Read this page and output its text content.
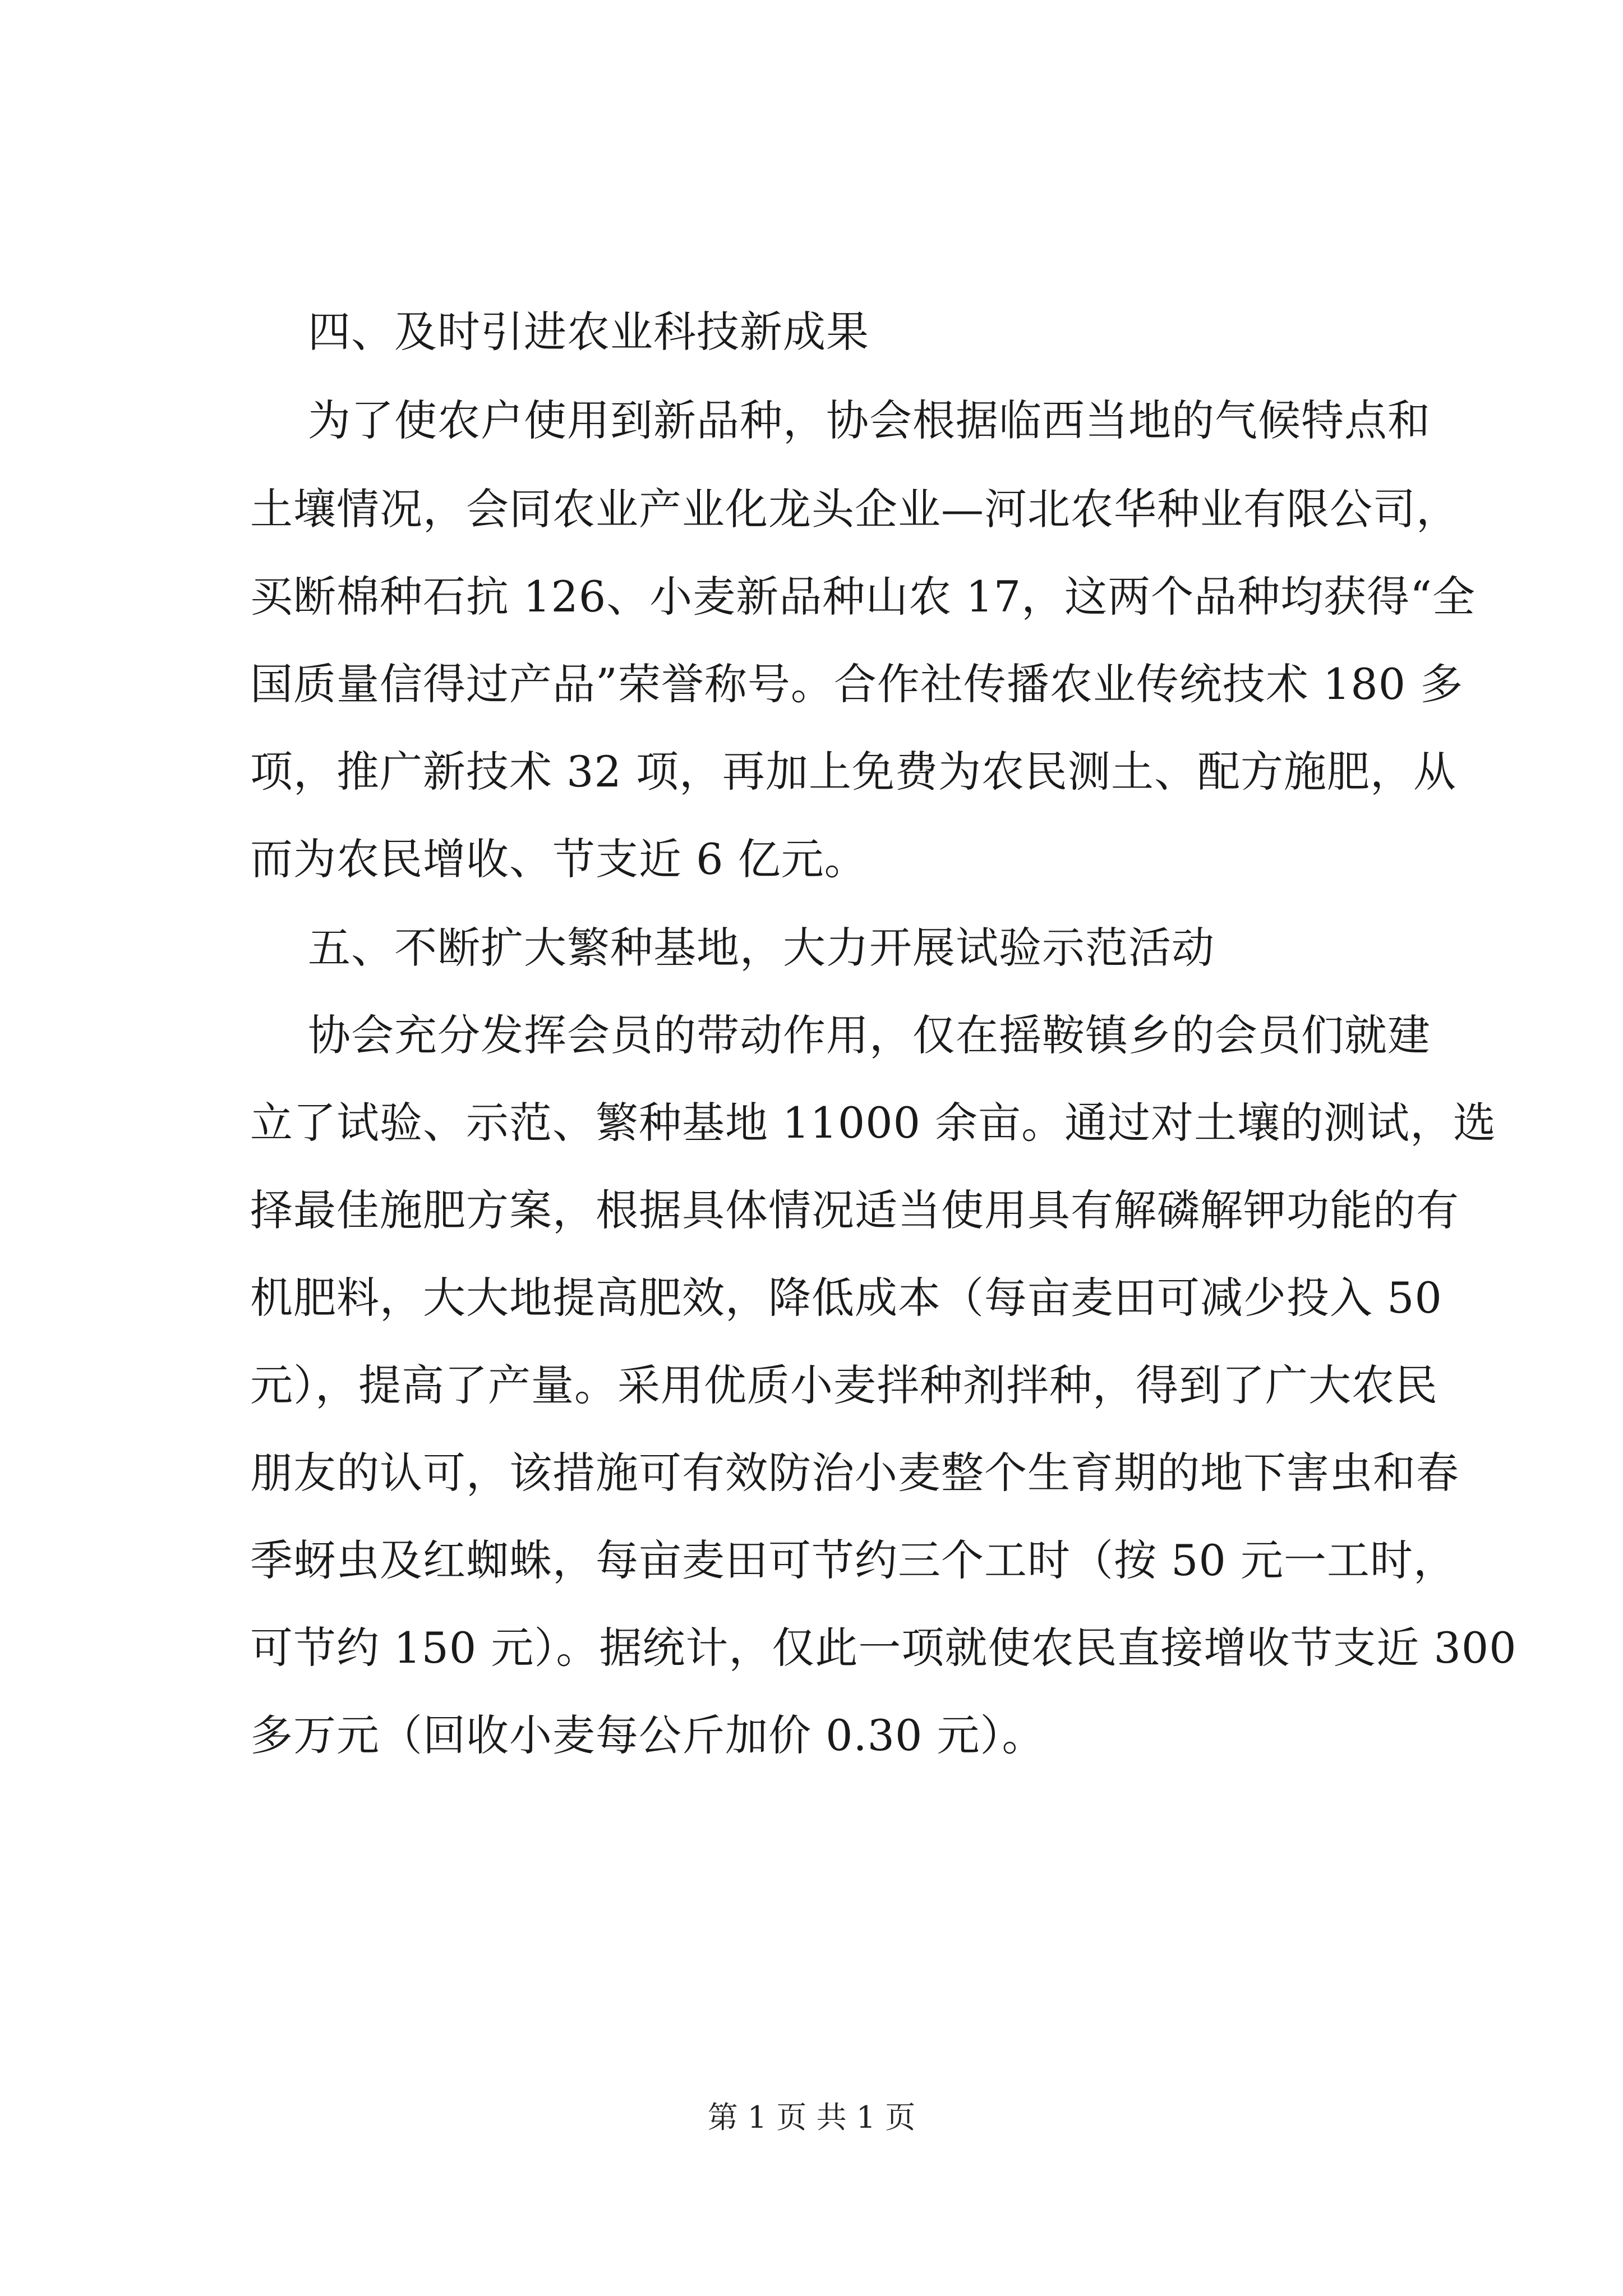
四、及时引进农业科技新成果
为了使农户使用到新品种，协会根据临西当地的气候特点和
土壤情况，会同农业产业化龙头企业—河北农华种业有限公司，
买断棉种石抗 126、小麦新品种山农 17，这两个品种均获得“全
国质量信得过产品”荣誉称号。合作社传播农业传统技术 180 多
项，推广新技术 32 项，再加上免费为农民测土、配方施肥，从
而为农民增收、节支近 6 亿元。
五、不断扩大繁种基地，大力开展试验示范活动
协会充分发挥会员的带动作用，仅在摇鞍镇乡的会员们就建
立了试验、示范、繁种基地 11000 余亩。通过对土壤的测试，选
择最佳施肥方案，根据具体情况适当使用具有解磷解钾功能的有
机肥料，大大地提高肥效，降低成本（每亩麦田可减少投入 50
元），提高了产量。采用优质小麦拌种剂拌种，得到了广大农民
朋友的认可，该措施可有效防治小麦整个生育期的地下害虫和春
季蚜虫及红蜘蛛，每亩麦田可节约三个工时（按 50 元一工时，
可节约 150 元）。据统计，仅此一项就使农民直接增收节支近 300
多万元（回收小麦每公斤加价 0.30 元）。
第 1 页 共 1 页
